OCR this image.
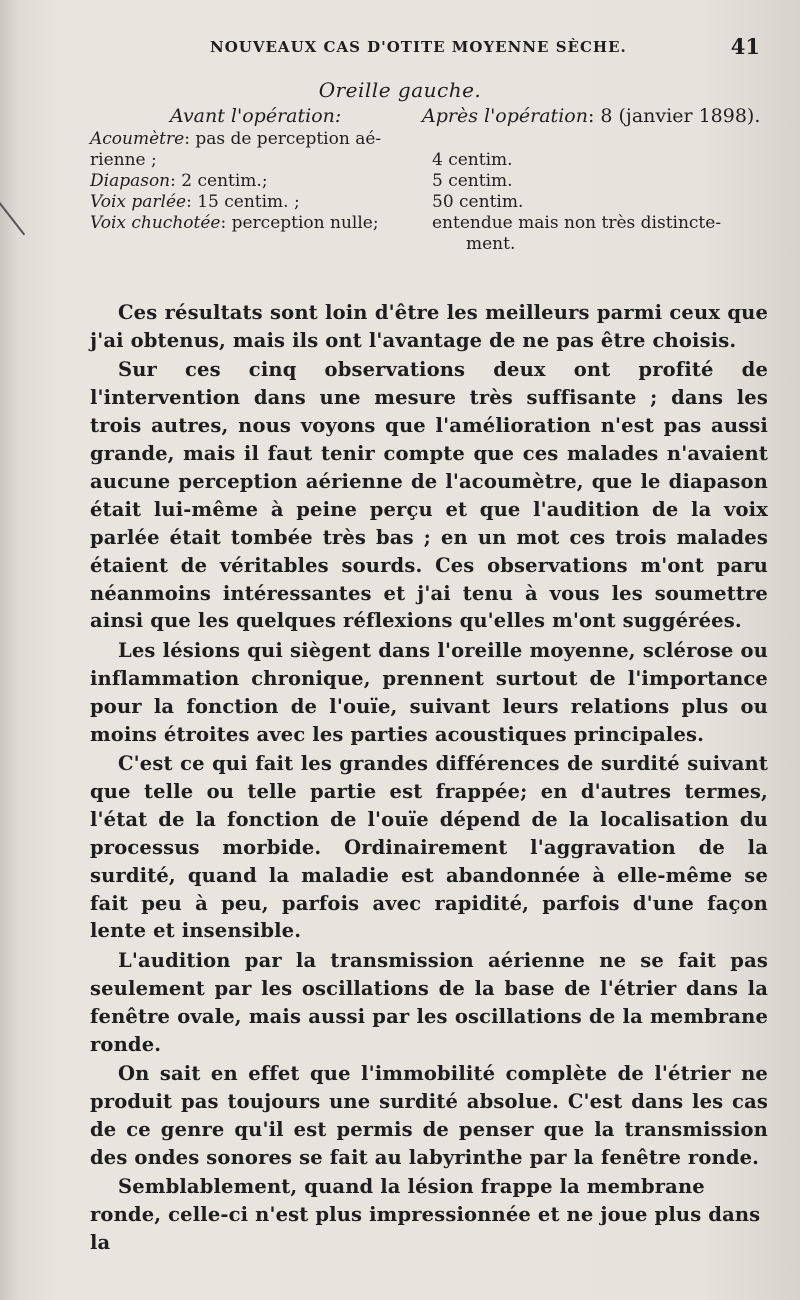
NOUVEAUX CAS D'OTITE MOYENNE SÈCHE.	41
Oreille gauche.
Avant l'opération:	Après l'opération: 8 (janvier 1898).
Acoumètre: pas de perception aé-
rienne ;	4 centim.
Diapason: 2 centim.;	5 centim.
Voix parlée: 15 centim. ;	50 centim.
Voix chuchotée: perception nulle;	entendue mais non très distincte-
ment.

Ces résultats sont loin d'être les meilleurs parmi ceux que j'ai obtenus, mais ils ont l'avantage de ne pas être choisis.

Sur ces cinq observations deux ont profité de l'intervention dans une mesure très suffisante ; dans les trois autres, nous voyons que l'amélioration n'est pas aussi grande, mais il faut tenir compte que ces malades n'avaient aucune perception aérienne de l'acoumètre, que le diapason était lui-même à peine perçu et que l'audition de la voix parlée était tombée très bas ; en un mot ces trois malades étaient de véritables sourds. Ces observations m'ont paru néanmoins intéressantes et j'ai tenu à vous les soumettre ainsi que les quelques réflexions qu'elles m'ont suggérées.

Les lésions qui siègent dans l'oreille moyenne, sclérose ou inflammation chronique, prennent surtout de l'importance pour la fonction de l'ouïe, suivant leurs relations plus ou moins étroites avec les parties acoustiques principales.

C'est ce qui fait les grandes différences de surdité suivant que telle ou telle partie est frappée; en d'autres termes, l'état de la fonction de l'ouïe dépend de la localisation du processus morbide. Ordinairement l'aggravation de la surdité, quand la maladie est abandonnée à elle-même se fait peu à peu, parfois avec rapidité, parfois d'une façon lente et insensible.

L'audition par la transmission aérienne ne se fait pas seulement par les oscillations de la base de l'étrier dans la fenêtre ovale, mais aussi par les oscillations de la membrane ronde.

On sait en effet que l'immobilité complète de l'étrier ne produit pas toujours une surdité absolue. C'est dans les cas de ce genre qu'il est permis de penser que la transmission des ondes sonores se fait au labyrinthe par la fenêtre ronde.

Semblablement, quand la lésion frappe la membrane ronde, celle-ci n'est plus impressionnée et ne joue plus dans la
